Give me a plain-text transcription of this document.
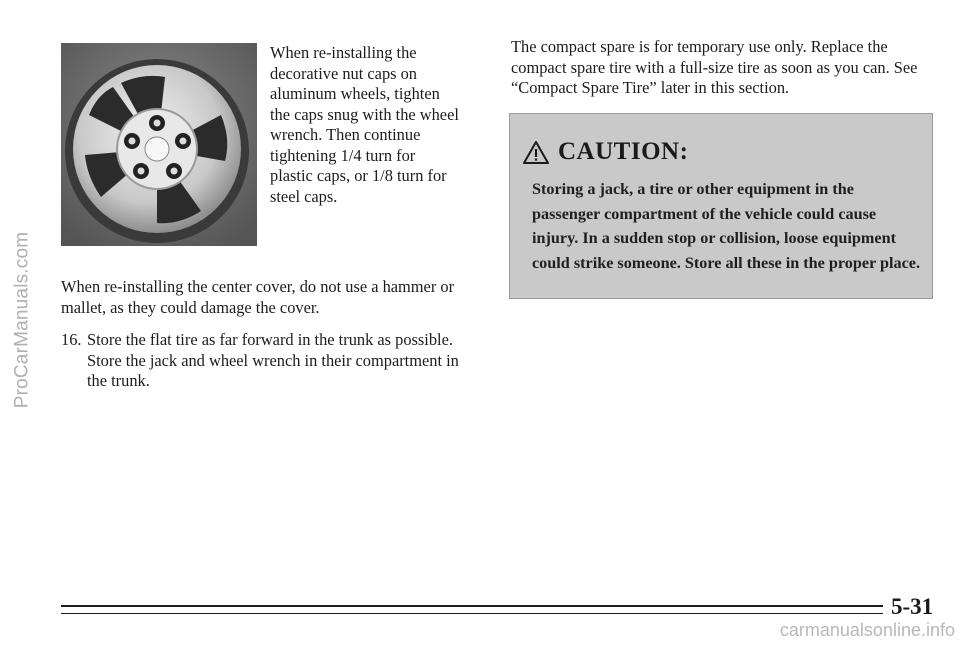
ProCarManuals.com
When re-installing the decorative nut caps on aluminum wheels, tighten the caps snug with the wheel wrench. Then continue tightening 1/4 turn for plastic caps, or 1/8 turn for steel caps.
When re-installing the center cover, do not use a hammer or mallet, as they could damage the cover.
16. Store the flat tire as far forward in the trunk as possible. Store the jack and wheel wrench in their compartment in the trunk.
The compact spare is for temporary use only. Replace the compact spare tire with a full-size tire as soon as you can. See “Compact Spare Tire” later in this section.
CAUTION:
Storing a jack, a tire or other equipment in the passenger compartment of the vehicle could cause injury. In a sudden stop or collision, loose equipment could strike someone. Store all these in the proper place.
5-31
carmanualsonline.info
